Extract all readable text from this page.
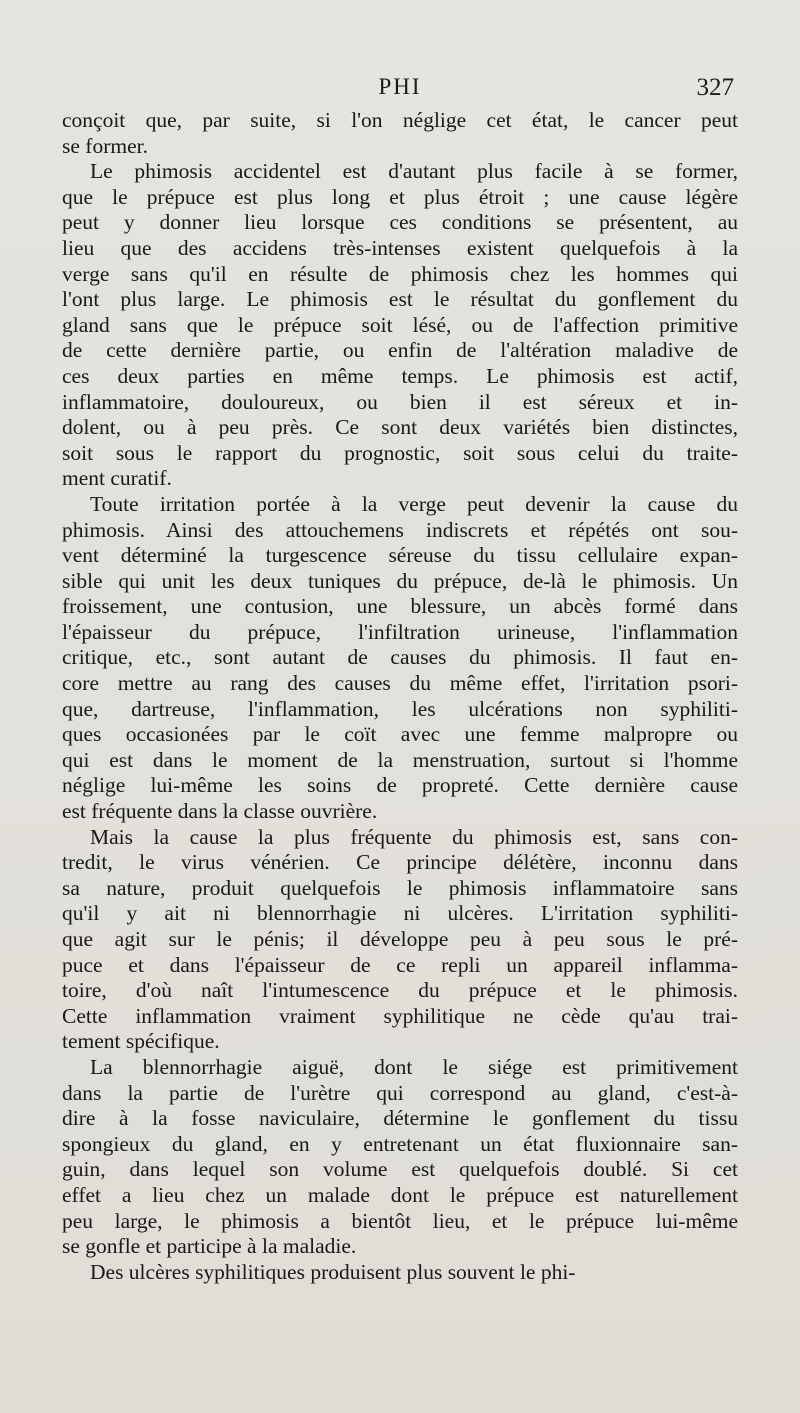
PHI	327
conçoit que, par suite, si l'on néglige cet état, le cancer peut
se former.
Le phimosis accidentel est d'autant plus facile à se former,
que le prépuce est plus long et plus étroit ; une cause légère
peut y donner lieu lorsque ces conditions se présentent, au
lieu que des accidens très-intenses existent quelquefois à la
verge sans qu'il en résulte de phimosis chez les hommes qui
l'ont plus large. Le phimosis est le résultat du gonflement du
gland sans que le prépuce soit lésé, ou de l'affection primitive
de cette dernière partie, ou enfin de l'altération maladive de
ces deux parties en même temps. Le phimosis est actif,
inflammatoire, douloureux, ou bien il est séreux et in-
dolent, ou à peu près. Ce sont deux variétés bien distinctes,
soit sous le rapport du prognostic, soit sous celui du traite-
ment curatif.
Toute irritation portée à la verge peut devenir la cause du
phimosis. Ainsi des attouchemens indiscrets et répétés ont sou-
vent déterminé la turgescence séreuse du tissu cellulaire expan-
sible qui unit les deux tuniques du prépuce, de-là le phimosis. Un
froissement, une contusion, une blessure, un abcès formé dans
l'épaisseur du prépuce, l'infiltration urineuse, l'inflammation
critique, etc., sont autant de causes du phimosis. Il faut en-
core mettre au rang des causes du même effet, l'irritation psori-
que, dartreuse, l'inflammation, les ulcérations non syphiliti-
ques occasionées par le coït avec une femme malpropre ou
qui est dans le moment de la menstruation, surtout si l'homme
néglige lui-même les soins de propreté. Cette dernière cause
est fréquente dans la classe ouvrière.
Mais la cause la plus fréquente du phimosis est, sans con-
tredit, le virus vénérien. Ce principe délétère, inconnu dans
sa nature, produit quelquefois le phimosis inflammatoire sans
qu'il y ait ni blennorrhagie ni ulcères. L'irritation syphiliti-
que agit sur le pénis; il développe peu à peu sous le pré-
puce et dans l'épaisseur de ce repli un appareil inflamma-
toire, d'où naît l'intumescence du prépuce et le phimosis.
Cette inflammation vraiment syphilitique ne cède qu'au trai-
tement spécifique.
La blennorrhagie aiguë, dont le siége est primitivement
dans la partie de l'urètre qui correspond au gland, c'est-à-
dire à la fosse naviculaire, détermine le gonflement du tissu
spongieux du gland, en y entretenant un état fluxionnaire san-
guin, dans lequel son volume est quelquefois doublé. Si cet
effet a lieu chez un malade dont le prépuce est naturellement
peu large, le phimosis a bientôt lieu, et le prépuce lui-même
se gonfle et participe à la maladie.
Des ulcères syphilitiques produisent plus souvent le phi-
